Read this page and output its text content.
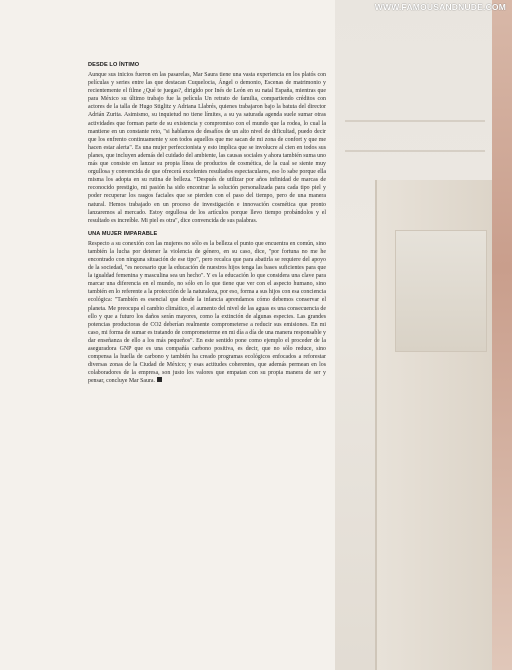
DESDE LO ÍNTIMO

Aunque sus inicios fueron en las pasarelas, Mar Saura tiene una vasta experiencia en los platós con películas y series entre las que destacan Cuquelocia, Ángel o demonio, Escenas de matrimonio y recientemente el filme ¿Qué te juegas?, dirigido por Inés de León en su natal España, mientras que para México su último trabajo fue la película Un retrato de familia, compartiendo créditos con actores de la talla de Hugo Stiglitz y Adriana Llabrés, quienes trabajaron bajo la batuta del director Adrián Zurita. Asimismo, su inquietud no tiene límites, a su ya saturada agenda suele sumar otras actividades que forman parte de su existencia y compromiso con el mundo que la rodea, lo cual la mantiene en un constante reto, "si hablamos de desafíos de un alto nivel de dificultad, puedo decir que los enfrento continuamente y son todos aquellos que me sacan de mi zona de confort y que me hacen estar alerta". Es una mujer perfeccionista y esto implica que se involucre al cien en todos sus planes, que incluyen además del cuidado del ambiente, las causas sociales y ahora también suma uno más que consiste en lanzar su propia línea de productos de cosmética, de la cual se siente muy orgullosa y convencida de que ofrecerá excelentes resultados espectaculares, eso lo sabe porque ella misma los adopta en su rutina de belleza. "Después de utilizar por años infinidad de marcas de reconocido prestigio, mi pasión ha sido encontrar la solución personalizada para cada tipo piel y poder recuperar los rasgos faciales que se pierden con el paso del tiempo, pero de una manera natural. Hemos trabajado en un proceso de investigación e innovación cosmética que pronto lanzaremos al mercado. Estoy orgullosa de los artículos porque llevo tiempo probándolos y el resultado es increíble. Mi piel es otra", dice convencida de sus palabras.

UNA MUJER IMPARABLE

Respecto a su conexión con las mujeres no sólo es la belleza el punto que encuentra en común, sino también la lucha por detener la violencia de género, en su caso, dice, "por fortuna no me he encontrado con ninguna situación de ese tipo", pero recalca que para abatirla se requiere del apoyo de la sociedad, "es necesario que la educación de nuestros hijos tenga las bases suficientes para que la igualdad femenina y masculina sea un hecho". Y es la educación lo que considera una clave para marcar una diferencia en el mundo, no sólo en lo que tiene que ver con el aspecto humano, sino también en lo referente a la protección de la naturaleza, por eso, forma a sus hijos con esa conciencia ecológica: "También es esencial que desde la infancia aprendamos cómo debemos conservar el planeta. Me preocupa el cambio climático, el aumento del nivel de las aguas es una consecuencia de ello y que a futuro los daños serán mayores, como la extinción de algunas especies. Las grandes potencias productoras de CO2 deberían realmente comprometerse a reducir sus emisiones. En mi caso, mi forma de sumar es tratando de comprometerme en mi día a día de una manera responsable y dar enseñanza de ello a los más pequeños". En este sentido pone como ejemplo el proceder de la aseguradora GNP que es una compañía carbono positiva, es decir, que no sólo reduce, sino compensa la huella de carbono y también ha creado programas ecológicos enfocados a reforestar diversas zonas de la Ciudad de México; y esas actitudes coherentes, que además permean en los colaboradores de la empresa, son justo los valores que empatan con su propia manera de ser y pensar, concluye Mar Saura.

WWW.FAMOUSANDNUDE.COM
